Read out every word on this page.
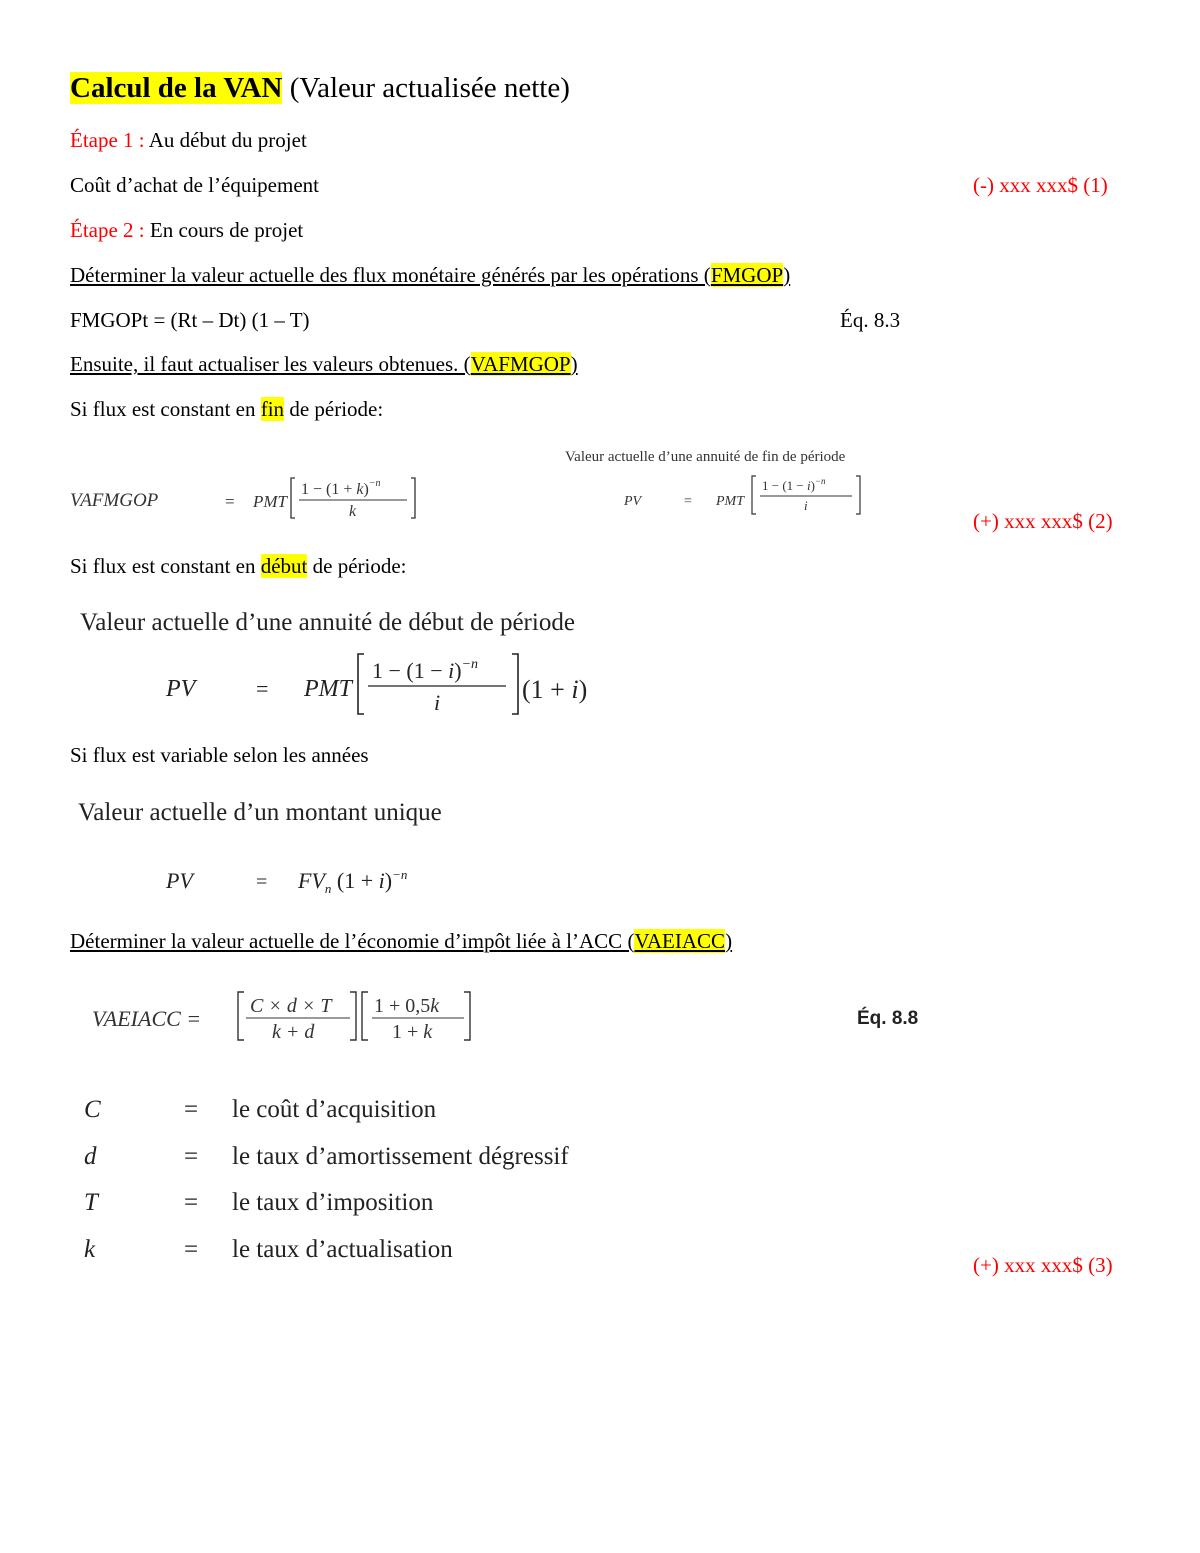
Calcul de la VAN (Valeur actualisée nette)
Étape 1 : Au début du projet
Coût d’achat de l’équipement	(-) xxx xxx$ (1)
Étape 2 : En cours de projet
Déterminer la valeur actuelle des flux monétaire générés par les opérations (FMGOP)
FMGOPt = (Rt – Dt) (1 – T)	Éq. 8.3
Ensuite, il faut actualiser les valeurs obtenues. (VAFMGOP)
Si flux est constant en fin de période:
VAFMGOP	= PMT
$1 - (1 + k)^{-n}$
k
Valeur actuelle d’une annuité de fin de période
PV	= PMT
$1 - (1 - i)^{-n}$
i
(+) xxx xxx$ (2)
Si flux est constant en début de période:
Valeur actuelle d’une annuité de début de période
PV	= PMT
$1 - (1 - i)^{-n}$
i	(1 + i)
Si flux est variable selon les années
Valeur actuelle d’un montant unique
PV	= $FV_n$ $(1 + i)^{-n}$
Déterminer la valeur actuelle de l’économie d’impôt liée à l’ACC (VAEIACC)
VAEIACC = C × d × T
k + d
1 + 0,5k
1 + k
Éq. 8.8
C	= le coût d’acquisition
d	= le taux d’amortissement dégressif
T	= le taux d’imposition
k	= le taux d’actualisation
(+) xxx xxx$ (3)
